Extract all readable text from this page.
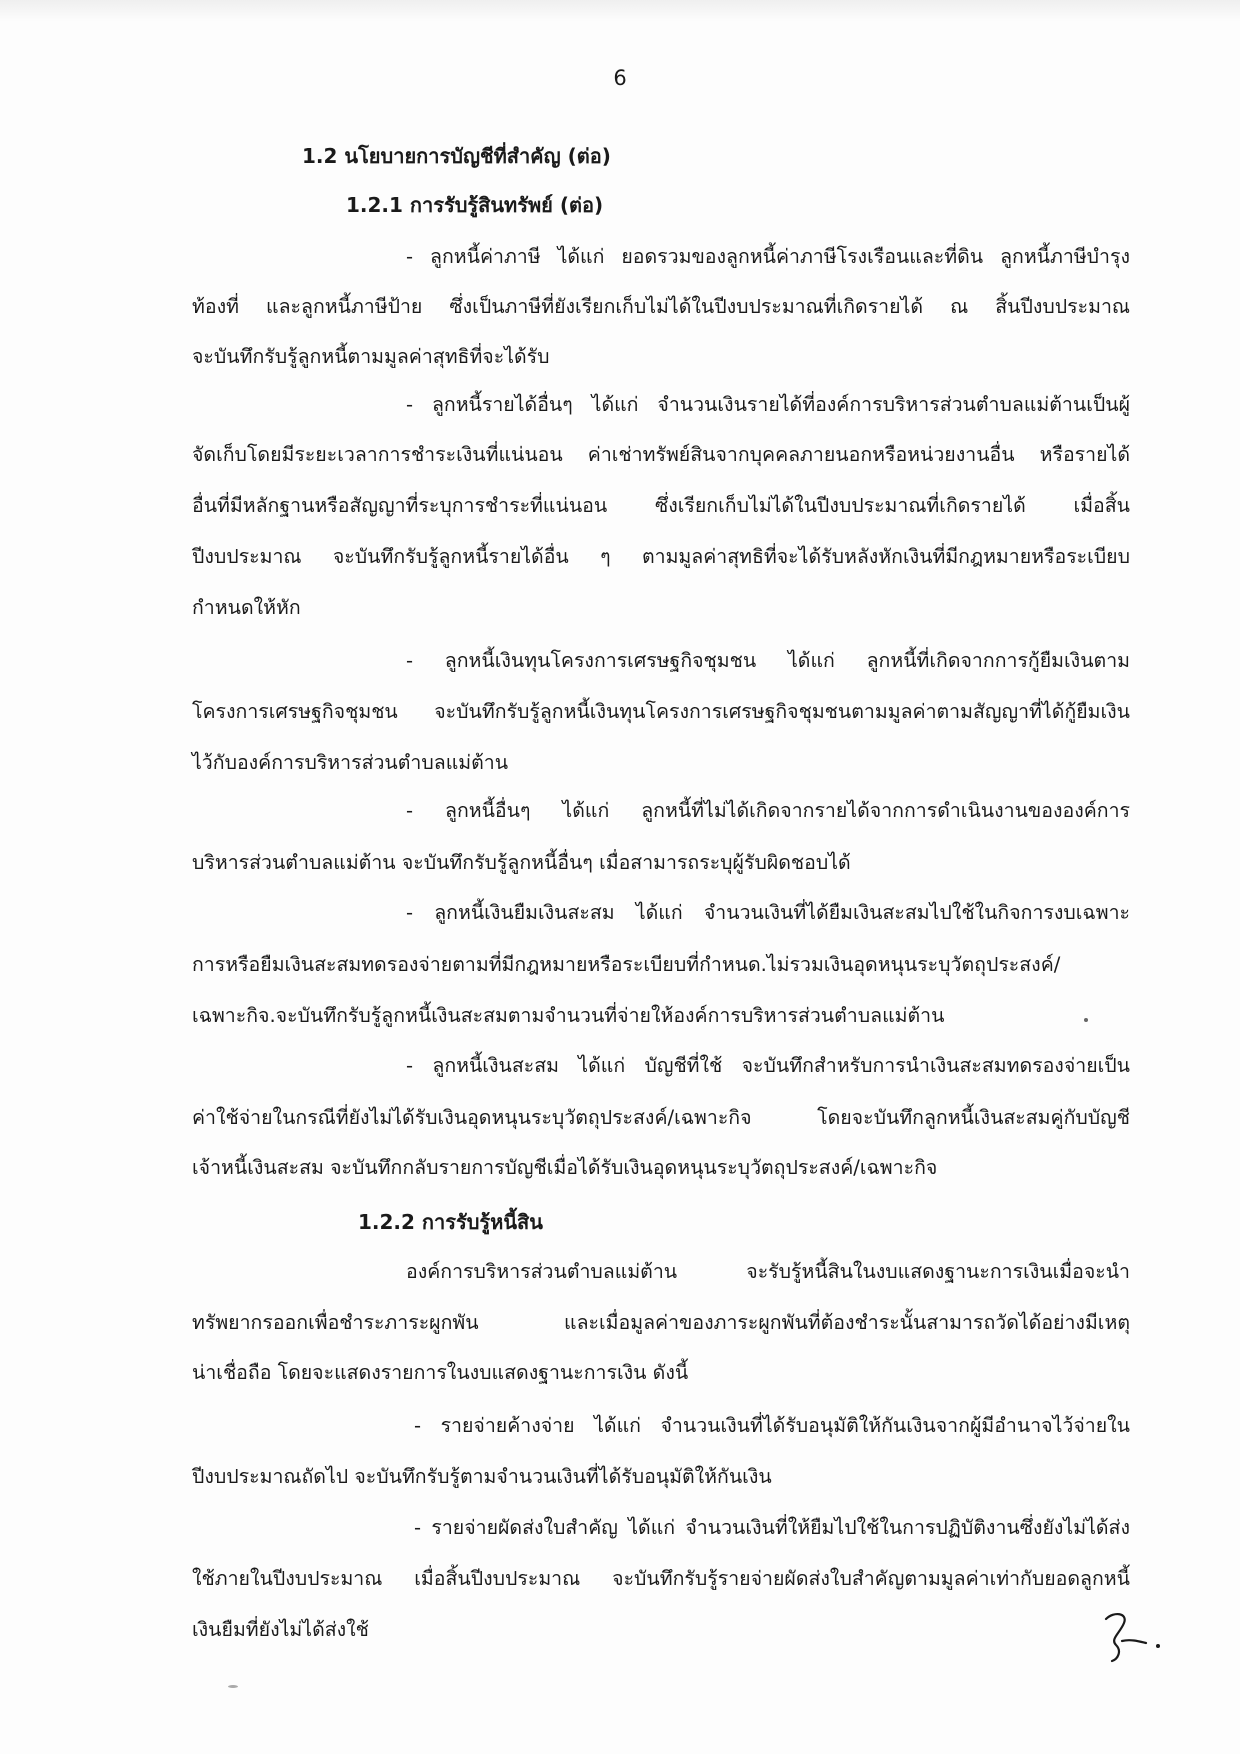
6
1.2 นโยบายการบัญชีที่สำคัญ (ต่อ)
1.2.1 การรับรู้สินทรัพย์ (ต่อ)
- ลูกหนี้ค่าภาษี ได้แก่ ยอดรวมของลูกหนี้ค่าภาษีโรงเรือนและที่ดิน ลูกหนี้ภาษีบำรุง
ท้องที่ และลูกหนี้ภาษีป้าย ซึ่งเป็นภาษีที่ยังเรียกเก็บไม่ได้ในปีงบประมาณที่เกิดรายได้ ณ สิ้นปีงบประมาณ
จะบันทึกรับรู้ลูกหนี้ตามมูลค่าสุทธิที่จะได้รับ
- ลูกหนี้รายได้อื่นๆ ได้แก่ จำนวนเงินรายได้ที่องค์การบริหารส่วนตำบลแม่ต้านเป็นผู้
จัดเก็บโดยมีระยะเวลาการชำระเงินที่แน่นอน ค่าเช่าทรัพย์สินจากบุคคลภายนอกหรือหน่วยงานอื่น หรือรายได้
อื่นที่มีหลักฐานหรือสัญญาที่ระบุการชำระที่แน่นอน ซึ่งเรียกเก็บไม่ได้ในปีงบประมาณที่เกิดรายได้ เมื่อสิ้น
ปีงบประมาณ จะบันทึกรับรู้ลูกหนี้รายได้อื่น ๆ ตามมูลค่าสุทธิที่จะได้รับหลังหักเงินที่มีกฎหมายหรือระเบียบ
กำหนดให้หัก
- ลูกหนี้เงินทุนโครงการเศรษฐกิจชุมชน ได้แก่ ลูกหนี้ที่เกิดจากการกู้ยืมเงินตาม
โครงการเศรษฐกิจชุมชน จะบันทึกรับรู้ลูกหนี้เงินทุนโครงการเศรษฐกิจชุมชนตามมูลค่าตามสัญญาที่ได้กู้ยืมเงิน
ไว้กับองค์การบริหารส่วนตำบลแม่ต้าน
- ลูกหนี้อื่นๆ ได้แก่ ลูกหนี้ที่ไม่ได้เกิดจากรายได้จากการดำเนินงานขององค์การ
บริหารส่วนตำบลแม่ต้าน จะบันทึกรับรู้ลูกหนี้อื่นๆ เมื่อสามารถระบุผู้รับผิดชอบได้
- ลูกหนี้เงินยืมเงินสะสม ได้แก่ จำนวนเงินที่ได้ยืมเงินสะสมไปใช้ในกิจการงบเฉพาะ
การหรือยืมเงินสะสมทดรองจ่ายตามที่มีกฎหมายหรือระเบียบที่กำหนด.ไม่รวมเงินอุดหนุนระบุวัตถุประสงค์/
เฉพาะกิจ.จะบันทึกรับรู้ลูกหนี้เงินสะสมตามจำนวนที่จ่ายให้องค์การบริหารส่วนตำบลแม่ต้าน
- ลูกหนี้เงินสะสม ได้แก่ บัญชีที่ใช้ จะบันทึกสำหรับการนำเงินสะสมทดรองจ่ายเป็น
ค่าใช้จ่ายในกรณีที่ยังไม่ได้รับเงินอุดหนุนระบุวัตถุประสงค์/เฉพาะกิจ โดยจะบันทึกลูกหนี้เงินสะสมคู่กับบัญชี
เจ้าหนี้เงินสะสม จะบันทึกกลับรายการบัญชีเมื่อได้รับเงินอุดหนุนระบุวัตถุประสงค์/เฉพาะกิจ
1.2.2 การรับรู้หนี้สิน
องค์การบริหารส่วนตำบลแม่ต้าน จะรับรู้หนี้สินในงบแสดงฐานะการเงินเมื่อจะนำ
ทรัพยากรออกเพื่อชำระภาระผูกพัน และเมื่อมูลค่าของภาระผูกพันที่ต้องชำระนั้นสามารถวัดได้อย่างมีเหตุ
น่าเชื่อถือ โดยจะแสดงรายการในงบแสดงฐานะการเงิน ดังนี้
- รายจ่ายค้างจ่าย ได้แก่ จำนวนเงินที่ได้รับอนุมัติให้กันเงินจากผู้มีอำนาจไว้จ่ายใน
ปีงบประมาณถัดไป จะบันทึกรับรู้ตามจำนวนเงินที่ได้รับอนุมัติให้กันเงิน
- รายจ่ายผัดส่งใบสำคัญ ได้แก่ จำนวนเงินที่ให้ยืมไปใช้ในการปฏิบัติงานซึ่งยังไม่ได้ส่ง
ใช้ภายในปีงบประมาณ เมื่อสิ้นปีงบประมาณ จะบันทึกรับรู้รายจ่ายผัดส่งใบสำคัญตามมูลค่าเท่ากับยอดลูกหนี้
เงินยืมที่ยังไม่ได้ส่งใช้
